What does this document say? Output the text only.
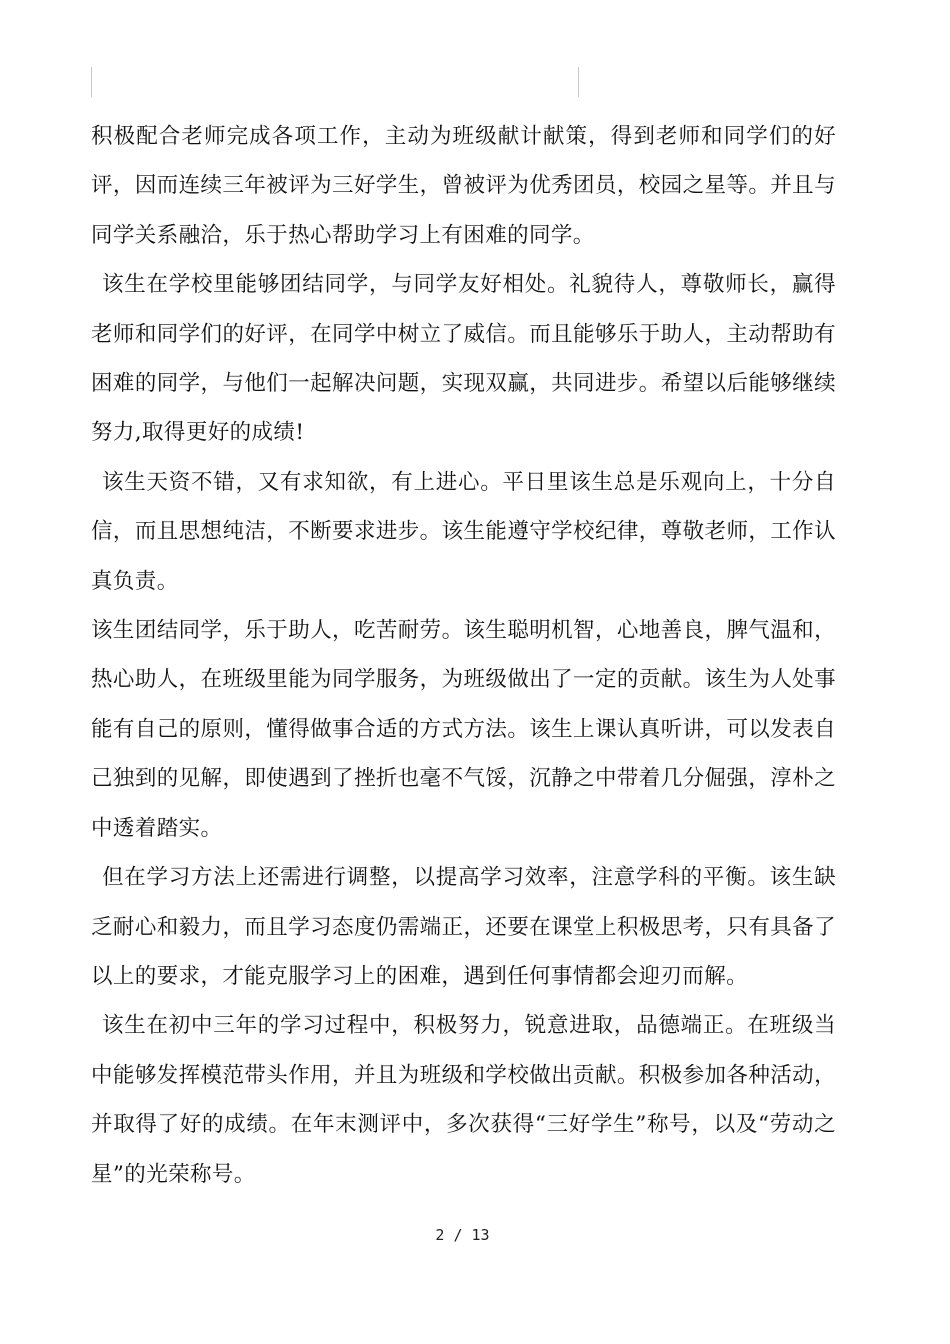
积极配合老师完成各项工作，主动为班级献计献策，得到老师和同学们的好评，因而连续三年被评为三好学生，曾被评为优秀团员，校园之星等。并且与同学关系融洽，乐于热心帮助学习上有困难的同学。

该生在学校里能够团结同学，与同学友好相处。礼貌待人，尊敬师长，赢得老师和同学们的好评，在同学中树立了威信。而且能够乐于助人，主动帮助有困难的同学，与他们一起解决问题，实现双赢，共同进步。希望以后能够继续努力,取得更好的成绩!

该生天资不错，又有求知欲，有上进心。平日里该生总是乐观向上，十分自信，而且思想纯洁，不断要求进步。该生能遵守学校纪律，尊敬老师，工作认真负责。

该生团结同学，乐于助人，吃苦耐劳。该生聪明机智，心地善良，脾气温和，热心助人，在班级里能为同学服务，为班级做出了一定的贡献。该生为人处事能有自己的原则，懂得做事合适的方式方法。该生上课认真听讲，可以发表自己独到的见解，即使遇到了挫折也毫不气馁，沉静之中带着几分倔强，淳朴之中透着踏实。

但在学习方法上还需进行调整，以提高学习效率，注意学科的平衡。该生缺乏耐心和毅力，而且学习态度仍需端正，还要在课堂上积极思考，只有具备了以上的要求，才能克服学习上的困难，遇到任何事情都会迎刃而解。

该生在初中三年的学习过程中，积极努力，锐意进取，品德端正。在班级当中能够发挥模范带头作用，并且为班级和学校做出贡献。积极参加各种活动，并取得了好的成绩。在年末测评中，多次获得“三好学生”称号，以及“劳动之星”的光荣称号。

2 / 13
